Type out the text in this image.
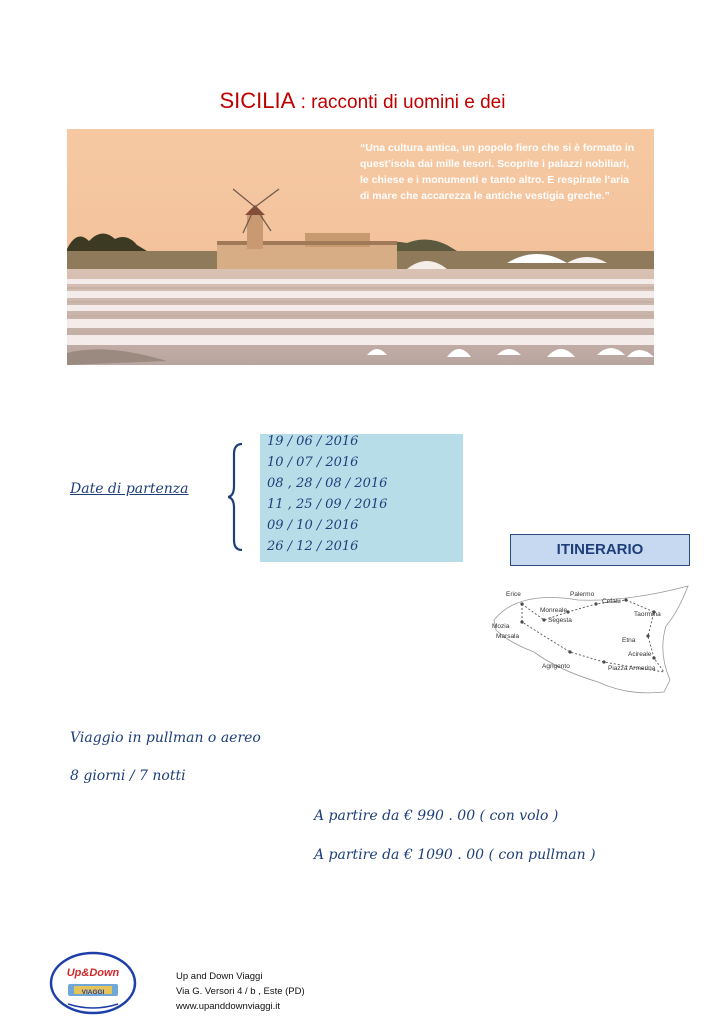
SICILIA : racconti di uomini e dei
“Una cultura antica, un popolo fiero che si è formato in quest’isola dai mille tesori. Scoprite i palazzi nobiliari, le chiese e i monumenti e tanto altro. E respirate l’aria di mare che accarezza le antiche vestigia greche.”
Date di partenza
19 / 06 / 2016
10 / 07 / 2016
08 , 28 / 08 / 2016
11 , 25 / 09 / 2016
09 / 10 / 2016
26 / 12 / 2016	ITINERARIO
Erice	Palermo
Cefalù
Monreale
Segesta
Taormina
Mozia
Marsala
Etna
Acireale
Agrigento	Piazza Armerina
Viaggio in pullman o aereo
8 giorni / 7 notti
A partire da € 990 . 00 ( con volo )
A partire da € 1090 . 00 ( con pullman )
Up&Down
VIAGGI
Up and Down Viaggi
Via G. Versori 4 / b , Este (PD)
www.upanddownviaggi.it
